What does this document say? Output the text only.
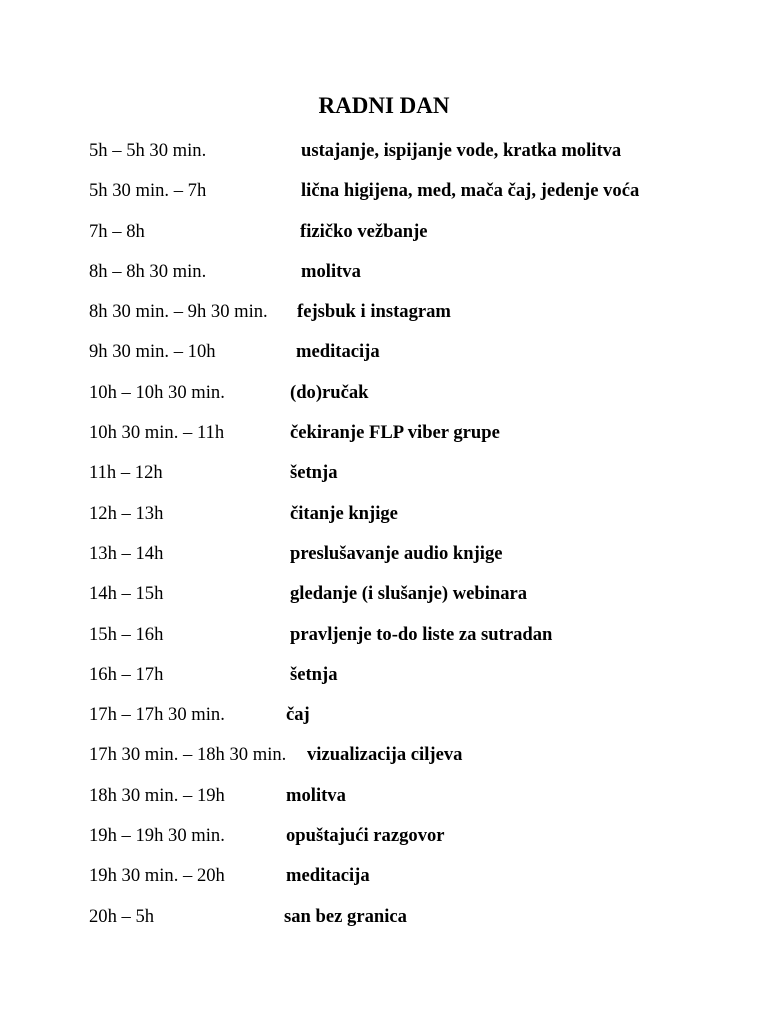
RADNI DAN
5h – 5h 30 min.	ustajanje, ispijanje vode, kratka molitva
5h 30 min. – 7h	lična higijena, med, mača čaj, jedenje voća
7h – 8h	fizičko vežbanje
8h – 8h 30 min.	molitva
8h 30 min. – 9h 30 min. fejsbuk i instagram
9h 30 min. – 10h	meditacija
10h – 10h 30 min.	(do)ručak
10h 30 min. – 11h	čekiranje FLP viber grupe
11h – 12h	šetnja
12h – 13h	čitanje knjige
13h – 14h	preslušavanje audio knjige
14h – 15h	gledanje (i slušanje) webinara
15h – 16h	pravljenje to-do liste za sutradan
16h – 17h	šetnja
17h – 17h 30 min.	čaj
17h 30 min. – 18h 30 min. vizualizacija ciljeva
18h 30 min. – 19h	molitva
19h – 19h 30 min.	opuštajući razgovor
19h 30 min. – 20h	meditacija
20h – 5h	san bez granica
